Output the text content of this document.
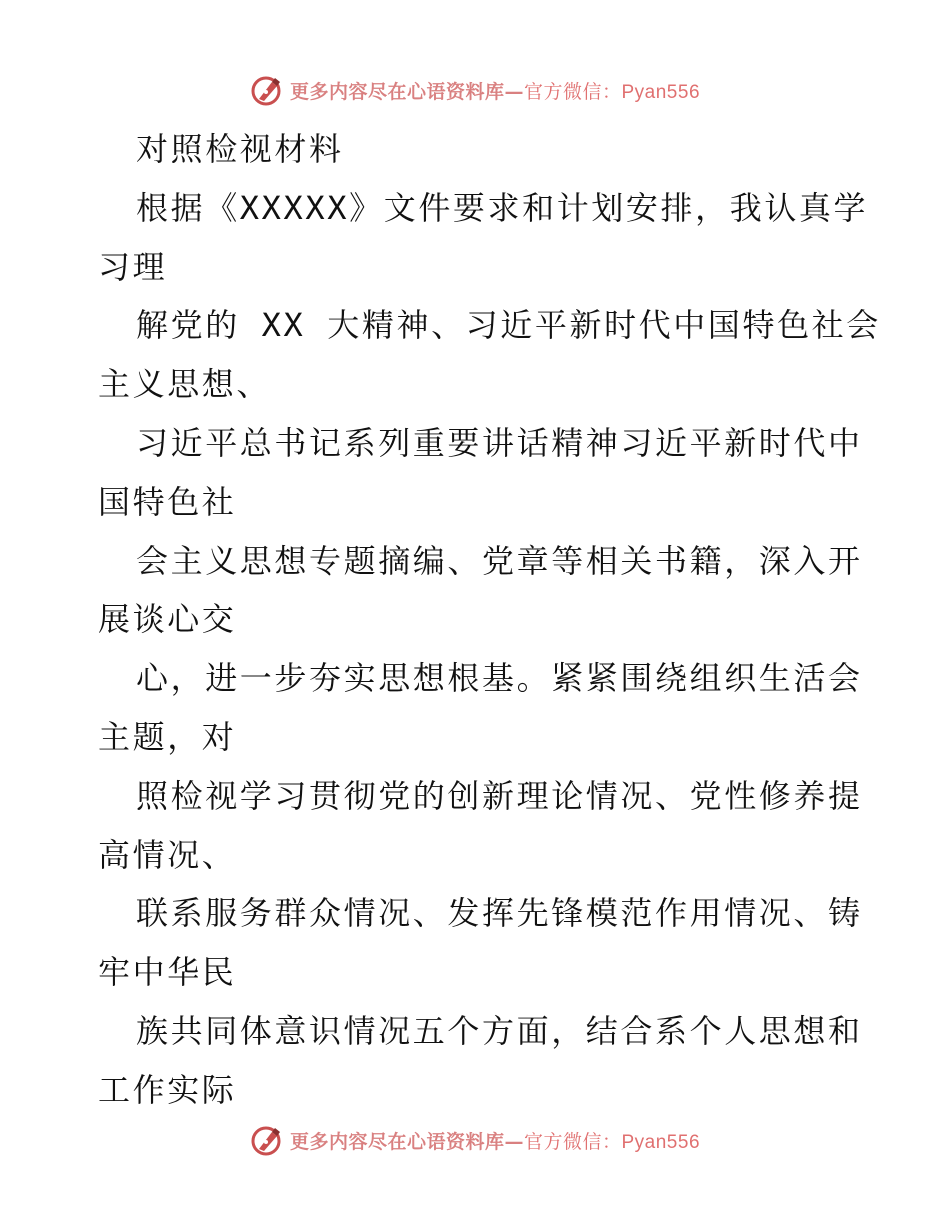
更多内容尽在心语资料库—官方微信：Pyan556
对照检视材料
根据《XXXXX》文件要求和计划安排，我认真学
习理
解党的 XX 大精神、习近平新时代中国特色社会
主义思想、
习近平总书记系列重要讲话精神习近平新时代中
国特色社
会主义思想专题摘编、党章等相关书籍，深入开
展谈心交
心，进一步夯实思想根基。紧紧围绕组织生活会
主题，对
照检视学习贯彻党的创新理论情况、党性修养提
高情况、
联系服务群众情况、发挥先锋模范作用情况、铸
牢中华民
族共同体意识情况五个方面，结合系个人思想和
工作实际
更多内容尽在心语资料库—官方微信：Pyan556
